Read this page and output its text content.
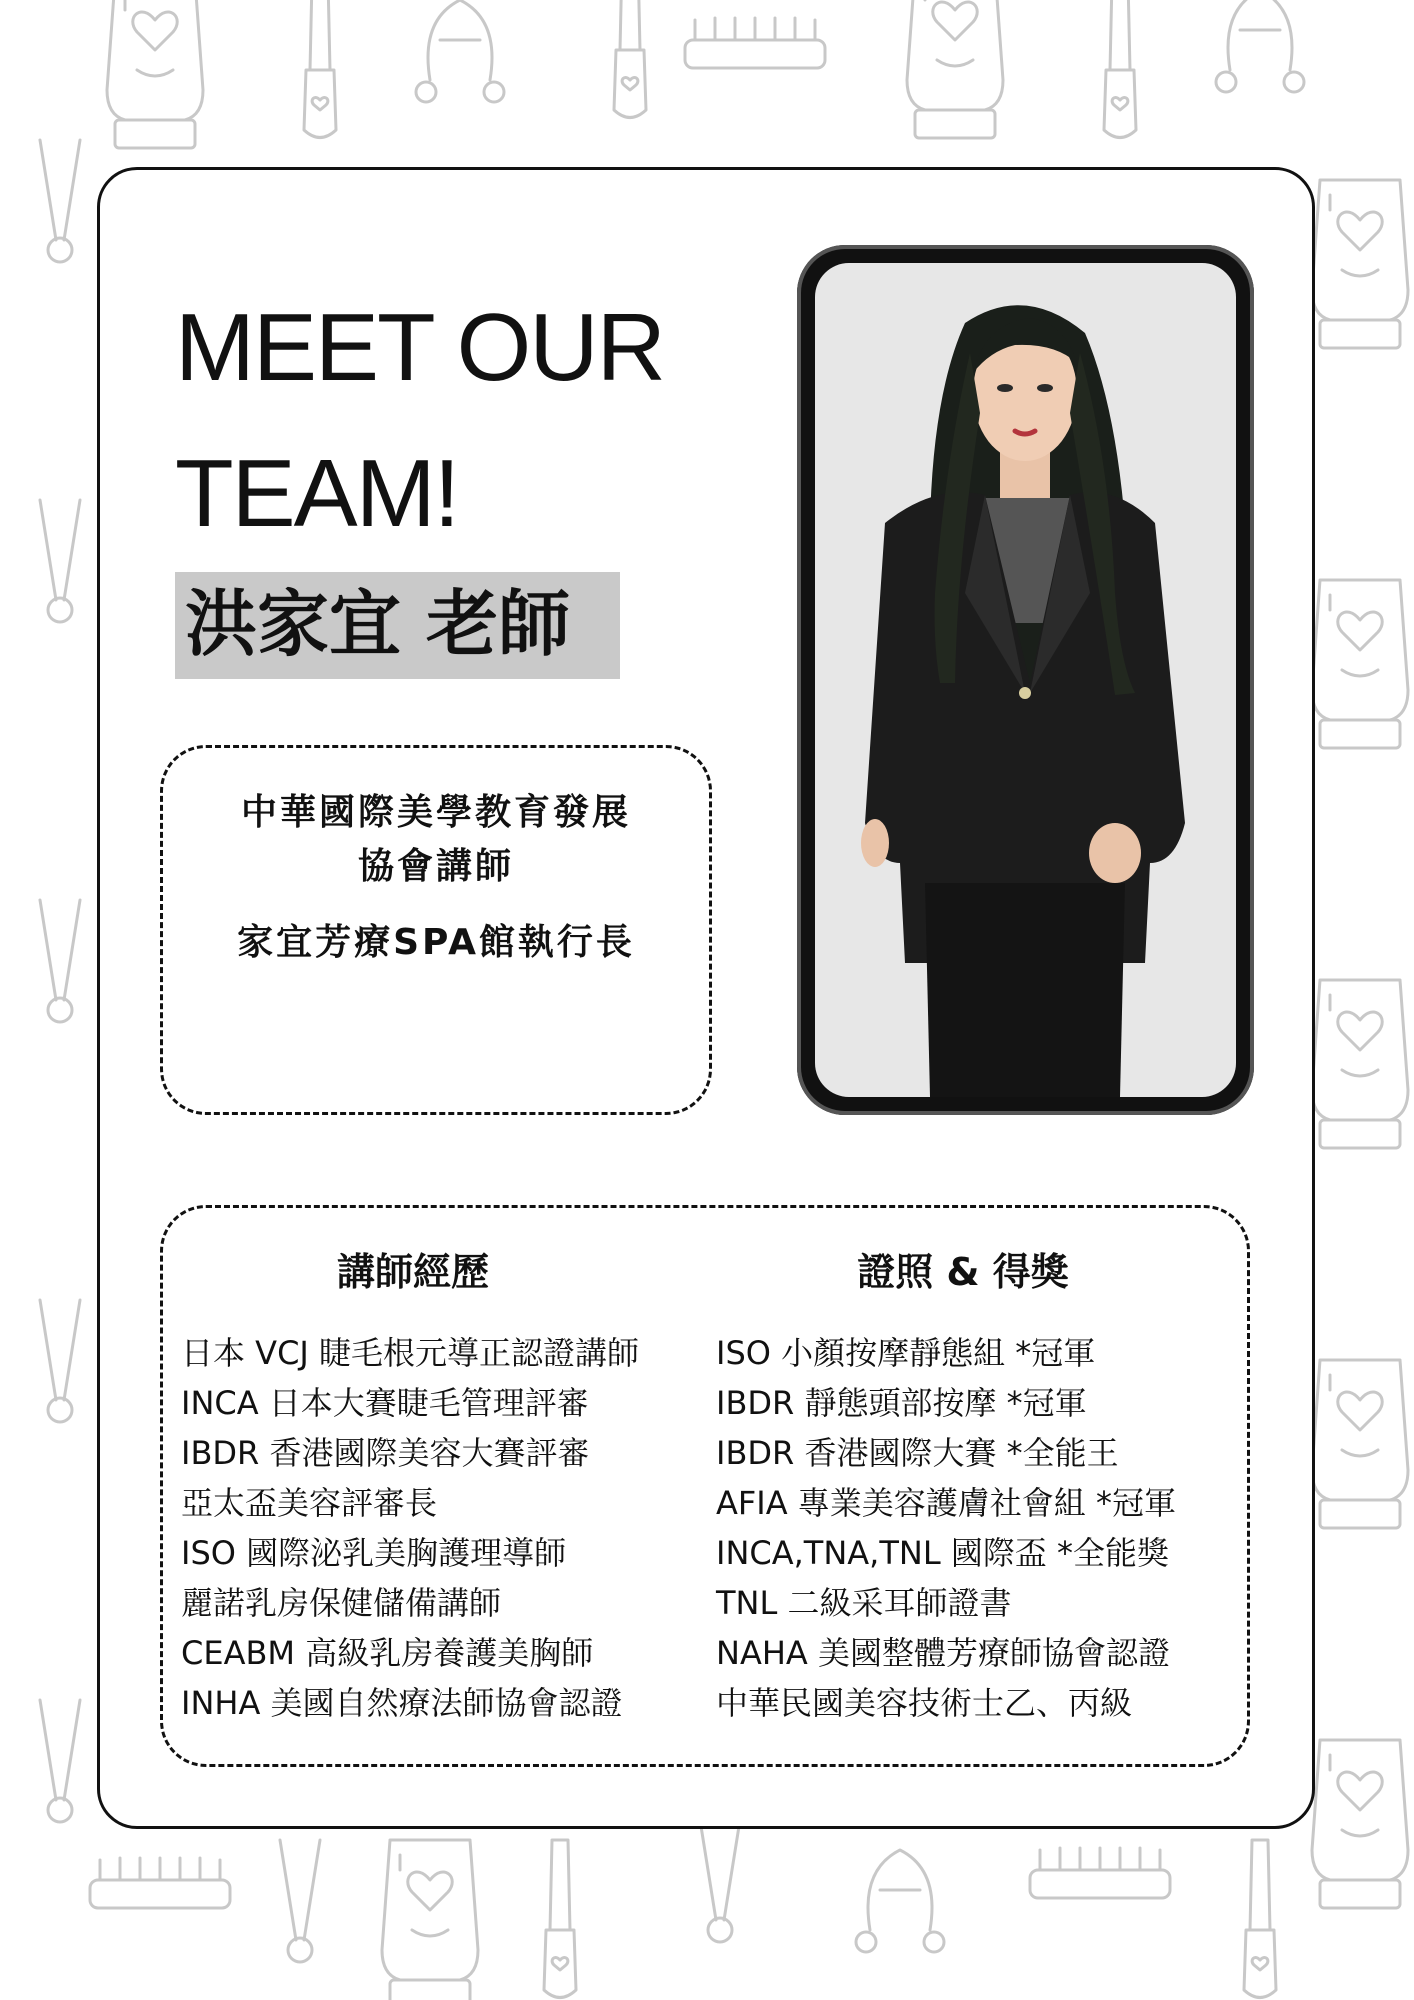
MEET OUR
TEAM!
洪家宜 老師
中華國際美學教育發展
協會講師
家宜芳療SPA館執行長
講師經歷	證照 & 得獎
日本 VCJ 睫毛根元導正認證講師
INCA 日本大賽睫毛管理評審
IBDR 香港國際美容大賽評審
亞太盃美容評審長
ISO 國際泌乳美胸護理導師
麗諾乳房保健儲備講師
CEABM 高級乳房養護美胸師
INHA 美國自然療法師協會認證
ISO 小顏按摩靜態組 *冠軍
IBDR 靜態頭部按摩 *冠軍
IBDR 香港國際大賽 *全能王
AFIA 專業美容護膚社會組 *冠軍
INCA,TNA,TNL 國際盃 *全能獎
TNL 二級采耳師證書
NAHA 美國整體芳療師協會認證
中華民國美容技術士乙、丙級
